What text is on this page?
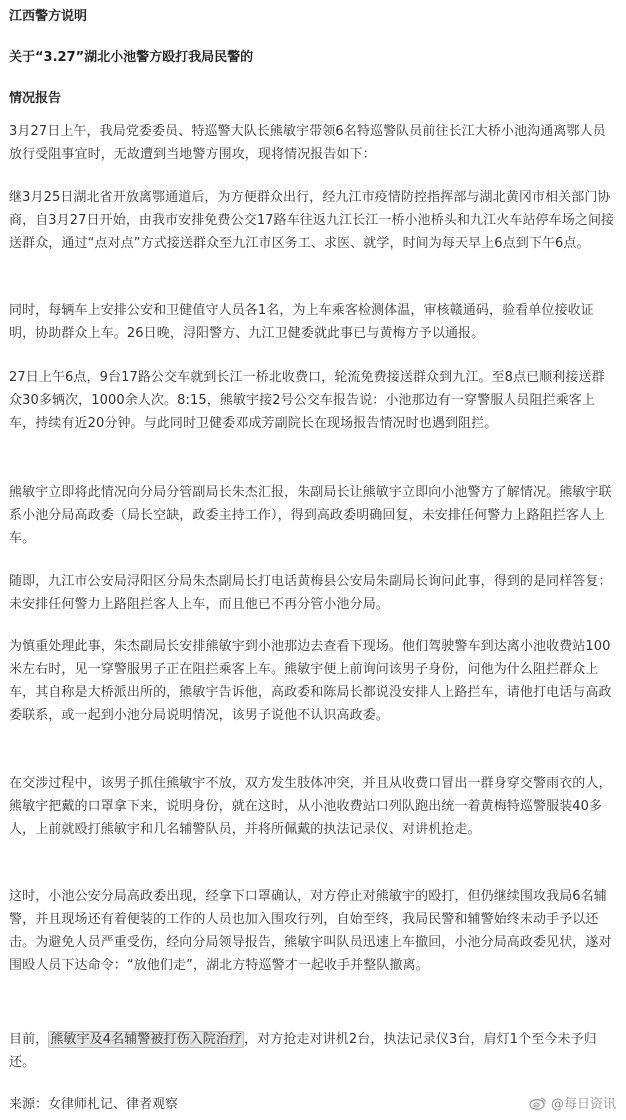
江西警方说明
关于“3.27”湖北小池警方殴打我局民警的
情况报告

3月27日上午，我局党委委员、特巡警大队长熊敏宇带领6名特巡警队员前往长江大桥小池沟通离鄂人员放行受阻事宜时，无故遭到当地警方围攻，现将情况报告如下：

继3月25日湖北省开放离鄂通道后，为方便群众出行，经九江市疫情防控指挥部与湖北黄冈市相关部门协商，自3月27日开始，由我市安排免费公交17路车往返九江长江一桥小池桥头和九江火车站停车场之间接送群众，通过“点对点”方式接送群众至九江市区务工、求医、就学，时间为每天早上6点到下午6点。

同时，每辆车上安排公安和卫健值守人员各1名，为上车乘客检测体温，审核赣通码，验看单位接收证明，协助群众上车。26日晚，浔阳警方、九江卫健委就此事已与黄梅方予以通报。

27日上午6点，9台17路公交车就到长江一桥北收费口，轮流免费接送群众到九江。至8点已顺利接送群众30多辆次，1000余人次。8:15，熊敏宇接2号公交车报告说：小池那边有一穿警服人员阻拦乘客上车，持续有近20分钟。与此同时卫健委邓成芳副院长在现场报告情况时也遇到阻拦。

熊敏宇立即将此情况向分局分管副局长朱杰汇报，朱副局长让熊敏宇立即向小池警方了解情况。熊敏宇联系小池分局高政委（局长空缺，政委主持工作），得到高政委明确回复，未安排任何警力上路阻拦客人上车。

随即，九江市公安局浔阳区分局朱杰副局长打电话黄梅县公安局朱副局长询问此事，得到的是同样答复：未安排任何警力上路阻拦客人上车，而且他已不再分管小池分局。

为慎重处理此事，朱杰副局长安排熊敏宇到小池那边去查看下现场。他们驾驶警车到达离小池收费站100米左右时，见一穿警服男子正在阻拦乘客上车。熊敏宇便上前询问该男子身份，问他为什么阻拦群众上车，其自称是大桥派出所的，熊敏宇告诉他，高政委和陈局长都说没安排人上路拦车，请他打电话与高政委联系，或一起到小池分局说明情况，该男子说他不认识高政委。

在交涉过程中，该男子抓住熊敏宇不放，双方发生肢体冲突，并且从收费口冒出一群身穿交警雨衣的人，熊敏宇把戴的口罩拿下来，说明身份，就在这时，从小池收费站口列队跑出统一着黄梅特巡警服装40多人，上前就殴打熊敏宇和几名辅警队员，并将所佩戴的执法记录仪、对讲机抢走。

这时，小池公安分局高政委出现，经拿下口罩确认，对方停止对熊敏宇的殴打，但仍继续围攻我局6名辅警，并且现场还有着便装的工作的人员也加入围攻行列，自始至终，我局民警和辅警始终未动手予以还击。为避免人员严重受伤，经向分局领导报告，熊敏宇叫队员迅速上车撤回，小池分局高政委见状，遂对围殴人员下达命令：“放他们走”，湖北方特巡警才一起收手并整队撤离。

目前， 熊敏宇及4名辅警被打伤入院治疗 ，对方抢走对讲机2台，执法记录仪3台，肩灯1个至今未予归还。

来源：女律师札记、律者观察	@每日资讯
